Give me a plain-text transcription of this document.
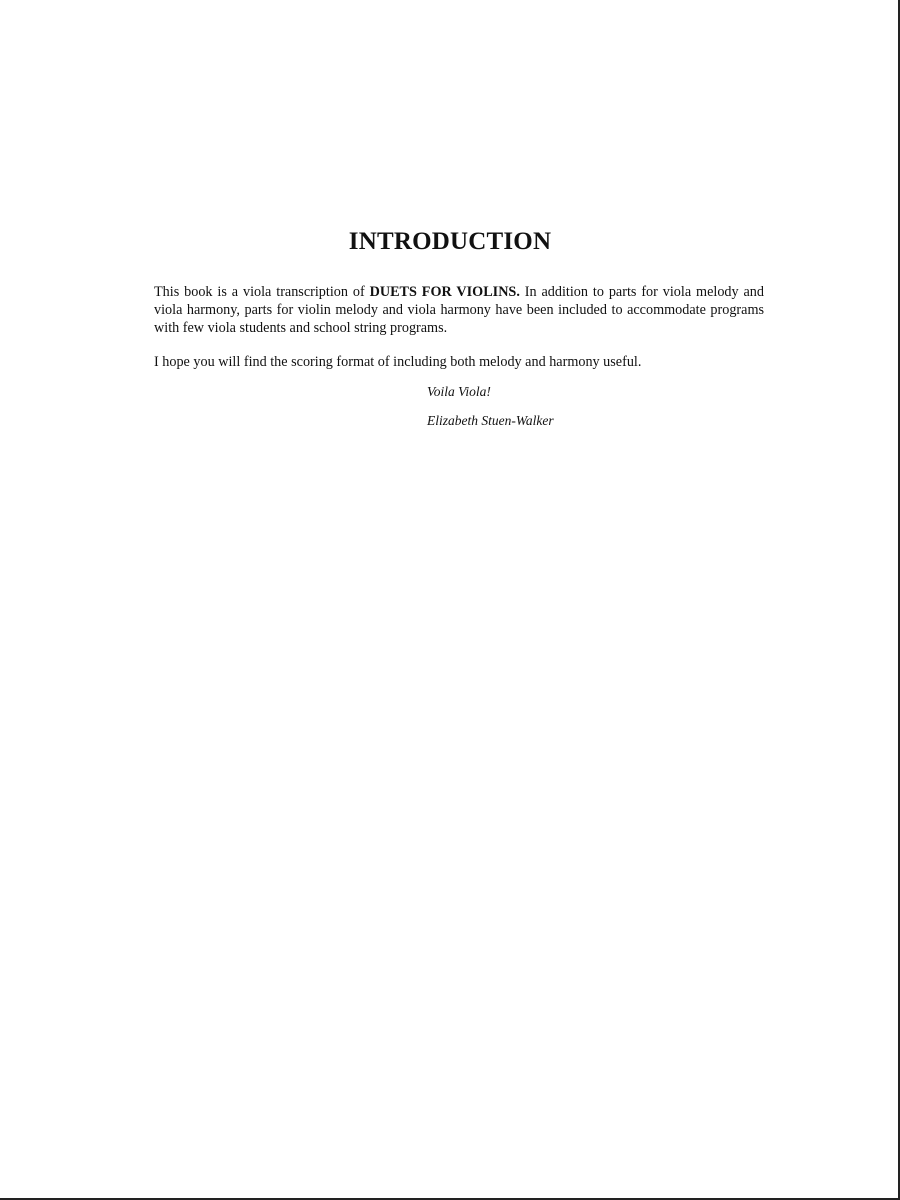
INTRODUCTION

This book is a viola transcription of DUETS FOR VIOLINS. In addition to parts for viola melody and viola harmony, parts for violin melody and viola harmony have been included to accommodate programs with few viola students and school string programs.

I hope you will find the scoring format of including both melody and harmony useful.

Voila Viola!
Elizabeth Stuen-Walker
